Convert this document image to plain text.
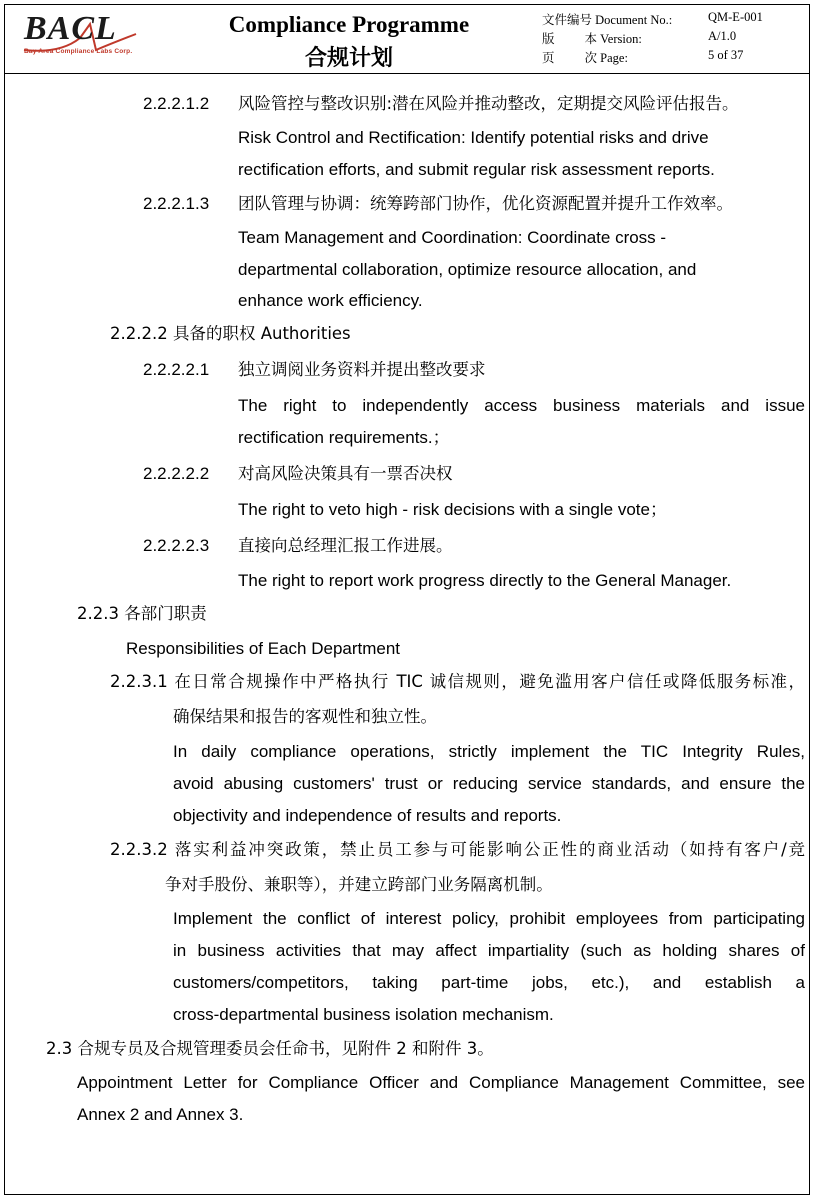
BACL
Bay Area Compliance Labs Corp.
Compliance Programme
合规计划
文件编号 Document No.:	QM-E-001
版 本 Version:	A/1.0
页 次 Page:	5 of 37
2.2.2.1.2 风险管控与整改识别:潜在风险并推动整改，定期提交风险评估报告。
Risk Control and Rectification: Identify potential risks and drive
rectification efforts, and submit regular risk assessment reports.
2.2.2.1.3 团队管理与协调：统筹跨部门协作，优化资源配置并提升工作效率。
Team Management and Coordination: Coordinate cross -
departmental collaboration, optimize resource allocation, and
enhance work efficiency.
2.2.2.2 具备的职权 Authorities
2.2.2.2.1 独立调阅业务资料并提出整改要求
The right to independently access business materials and issue
rectification requirements.；
2.2.2.2.2 对高风险决策具有一票否决权
The right to veto high - risk decisions with a single vote；
2.2.2.2.3 直接向总经理汇报工作进展。
The right to report work progress directly to the General Manager.
2.2.3 各部门职责
Responsibilities of Each Department
2.2.3.1 在日常合规操作中严格执行 TIC 诚信规则，避免滥用客户信任或降低服务标准，
确保结果和报告的客观性和独立性。
In daily compliance operations, strictly implement the TIC Integrity Rules,
avoid abusing customers' trust or reducing service standards, and ensure the
objectivity and independence of results and reports.
2.2.3.2 落实利益冲突政策，禁止员工参与可能影响公正性的商业活动（如持有客户/竞
争对手股份、兼职等），并建立跨部门业务隔离机制。
Implement the conflict of interest policy, prohibit employees from participating
in business activities that may affect impartiality (such as holding shares of
customers/competitors, taking part-time jobs, etc.), and establish a
cross-departmental business isolation mechanism.
2.3 合规专员及合规管理委员会任命书，见附件 2 和附件 3。
Appointment Letter for Compliance Officer and Compliance Management Committee, see
Annex 2 and Annex 3.
